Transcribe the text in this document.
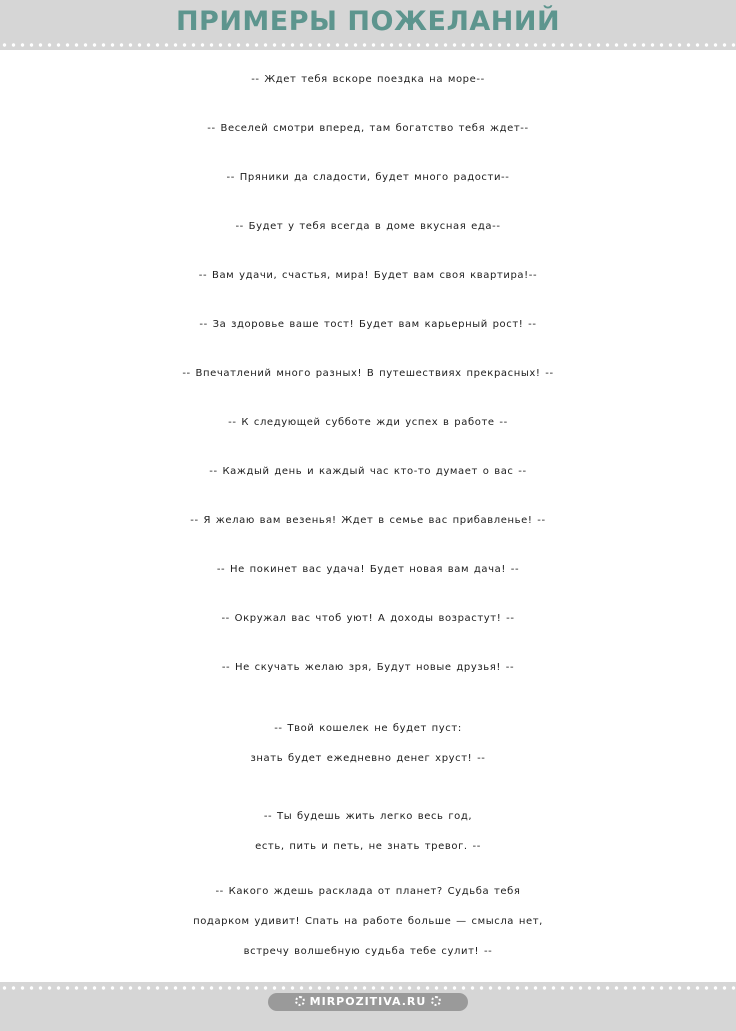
ПРИМЕРЫ ПОЖЕЛАНИЙ
-- Ждет тебя вскоре поездка на море--
-- Веселей смотри вперед, там богатство тебя ждет--
-- Пряники да сладости, будет много радости--
-- Будет у тебя всегда в доме вкусная еда--
-- Вам удачи, счастья, мира! Будет вам своя квартира!--
-- За здоровье ваше тост! Будет вам карьерный рост! --
-- Впечатлений много разных! В путешествиях прекрасных! --
-- К следующей субботе жди успех в работе --
-- Каждый день и каждый час кто-то думает о вас --
-- Я желаю вам везенья! Ждет в семье вас прибавленье! --
-- Не покинет вас удача! Будет новая вам дача! --
-- Окружал вас чтоб уют! А доходы возрастут! --
-- Не скучать желаю зря, Будут новые друзья! --
-- Твой кошелек не будет пуст:
знать будет ежедневно денег хруст! --
-- Ты будешь жить легко весь год,
есть, пить и петь, не знать тревог. --
-- Какого ждешь расклада от планет? Судьба тебя
подарком удивит! Спать на работе больше — смысла нет,
встречу волшебную судьба тебе сулит! --
MIRPOZITIVA.RU
